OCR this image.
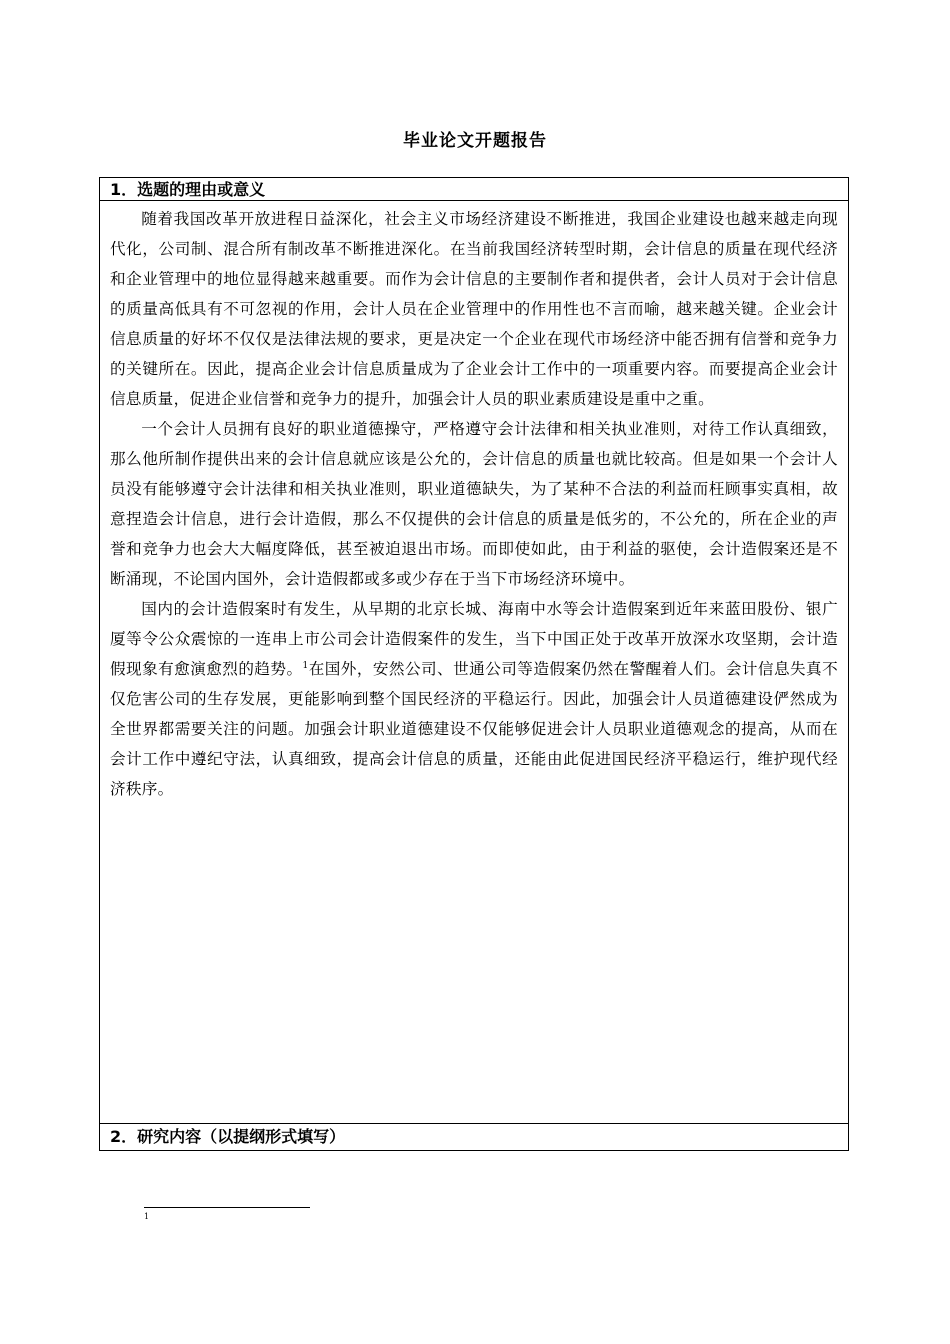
毕业论文开题报告
1．选题的理由或意义

随着我国改革开放进程日益深化，社会主义市场经济建设不断推进，我国企业建设也越来越走向现代化，公司制、混合所有制改革不断推进深化。在当前我国经济转型时期，会计信息的质量在现代经济和企业管理中的地位显得越来越重要。而作为会计信息的主要制作者和提供者，会计人员对于会计信息的质量高低具有不可忽视的作用，会计人员在企业管理中的作用性也不言而喻，越来越关键。企业会计信息质量的好坏不仅仅是法律法规的要求，更是决定一个企业在现代市场经济中能否拥有信誉和竞争力的关键所在。因此，提高企业会计信息质量成为了企业会计工作中的一项重要内容。而要提高企业会计信息质量，促进企业信誉和竞争力的提升，加强会计人员的职业素质建设是重中之重。

一个会计人员拥有良好的职业道德操守，严格遵守会计法律和相关执业准则，对待工作认真细致，那么他所制作提供出来的会计信息就应该是公允的，会计信息的质量也就比较高。但是如果一个会计人员没有能够遵守会计法律和相关执业准则，职业道德缺失，为了某种不合法的利益而枉顾事实真相，故意捏造会计信息，进行会计造假，那么不仅提供的会计信息的质量是低劣的，不公允的，所在企业的声誉和竞争力也会大大幅度降低，甚至被迫退出市场。而即使如此，由于利益的驱使，会计造假案还是不断涌现，不论国内国外，会计造假都或多或少存在于当下市场经济环境中。

国内的会计造假案时有发生，从早期的北京长城、海南中水等会计造假案到近年来蓝田股份、银广厦等令公众震惊的一连串上市公司会计造假案件的发生，当下中国正处于改革开放深水攻坚期，会计造假现象有愈演愈烈的趋势。$^1$在国外，安然公司、世通公司等造假案仍然在警醒着人们。会计信息失真不仅危害公司的生存发展，更能影响到整个国民经济的平稳运行。因此，加强会计人员道德建设俨然成为全世界都需要关注的问题。加强会计职业道德建设不仅能够促进会计人员职业道德观念的提高，从而在会计工作中遵纪守法，认真细致，提高会计信息的质量，还能由此促进国民经济平稳运行，维护现代经济秩序。

2．研究内容（以提纲形式填写）
1
